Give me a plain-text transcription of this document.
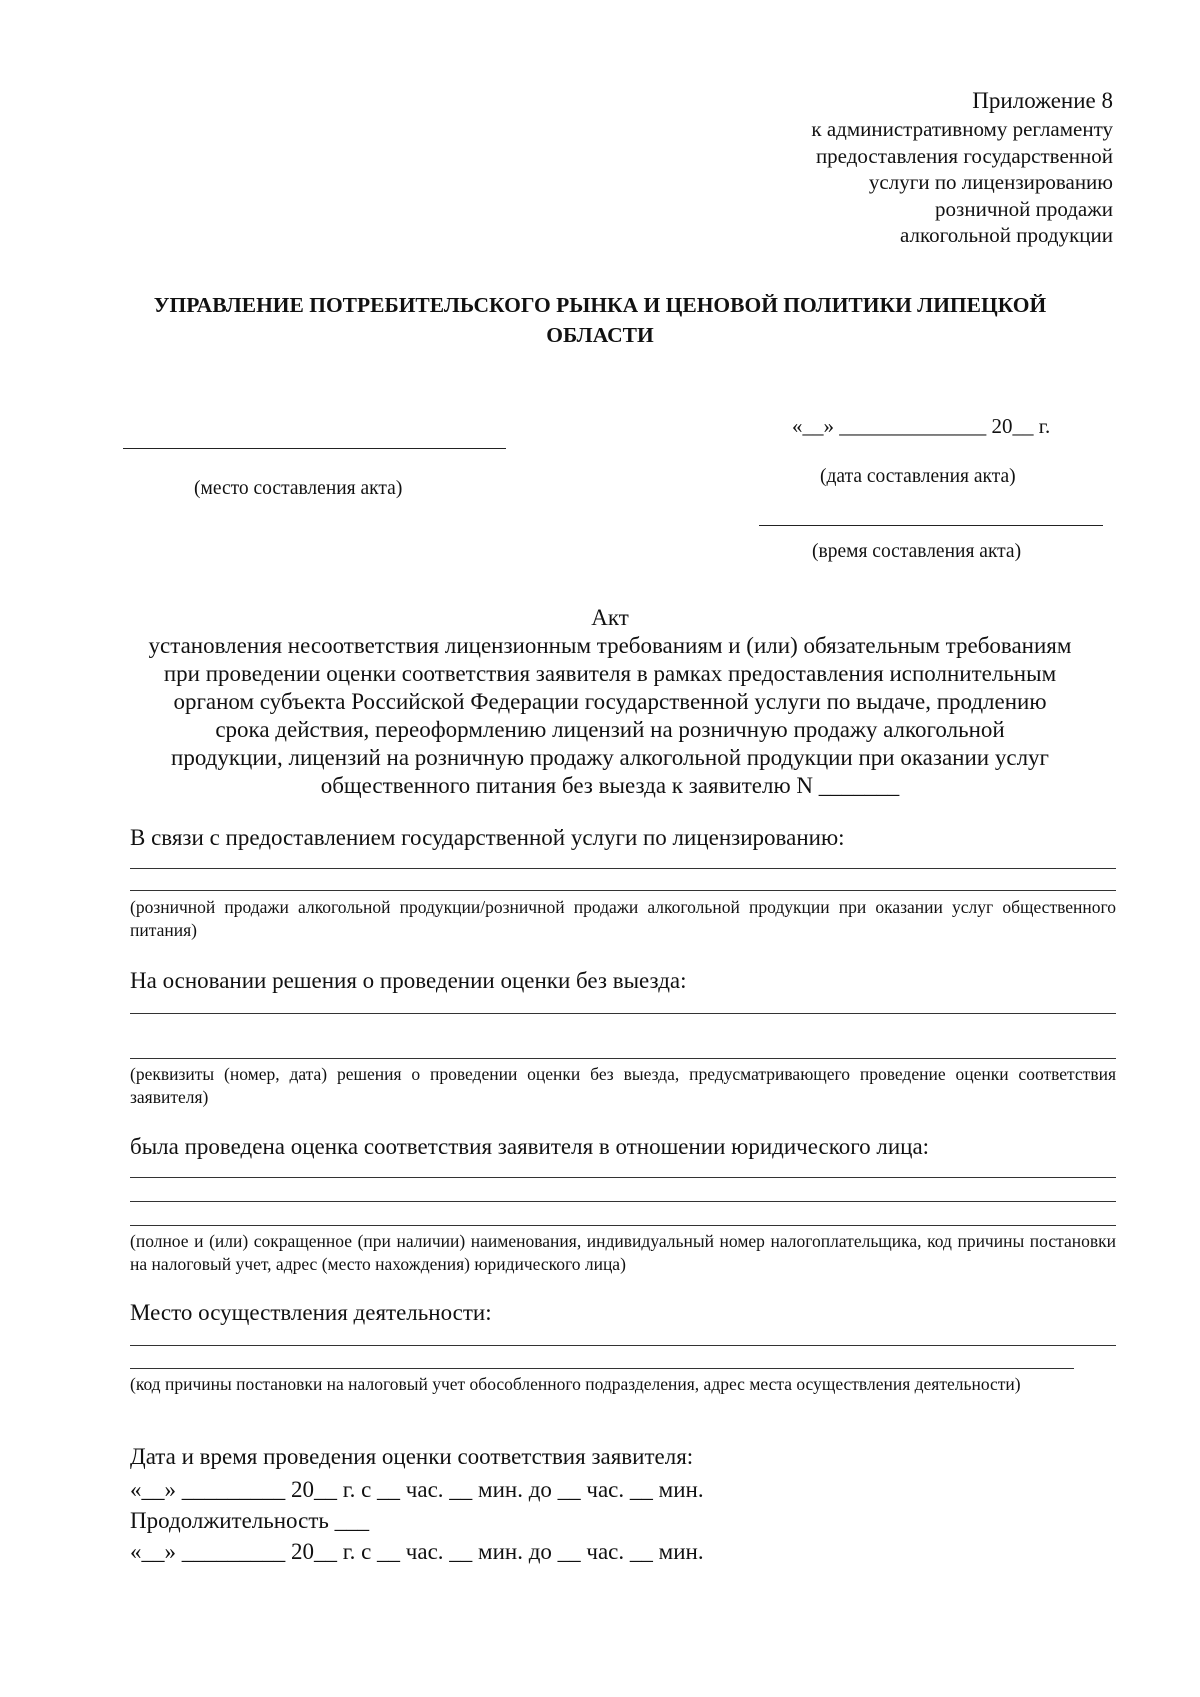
Приложение 8
к административному регламенту
предоставления государственной
услуги по лицензированию
розничной продажи
алкогольной продукции
УПРАВЛЕНИЕ ПОТРЕБИТЕЛЬСКОГО РЫНКА И ЦЕНОВОЙ ПОЛИТИКИ ЛИПЕЦКОЙ ОБЛАСТИ
(место составления акта)
«__» ______________ 20__ г.
(дата составления акта)
(время составления акта)
Акт
установления несоответствия лицензионным требованиям и (или) обязательным требованиям
при проведении оценки соответствия заявителя в рамках предоставления исполнительным
органом субъекта Российской Федерации государственной услуги по выдаче, продлению
срока действия, переоформлению лицензий на розничную продажу алкогольной
продукции, лицензий на розничную продажу алкогольной продукции при оказании услуг
общественного питания без выезда к заявителю N _______
В связи с предоставлением государственной услуги по лицензированию:
(розничной продажи алкогольной продукции/розничной продажи алкогольной продукции при оказании услуг общественного питания)
На основании решения о проведении оценки без выезда:
(реквизиты (номер, дата) решения о проведении оценки без выезда, предусматривающего проведение оценки соответствия заявителя)
была проведена оценка соответствия заявителя в отношении юридического лица:
(полное и (или) сокращенное (при наличии) наименования, индивидуальный номер налогоплательщика, код причины постановки на налоговый учет, адрес (место нахождения) юридического лица)
Место осуществления деятельности:
(код причины постановки на налоговый учет обособленного подразделения, адрес места осуществления деятельности)
Дата и время проведения оценки соответствия заявителя:
«__» _________ 20__ г. с __ час. __ мин. до __ час. __ мин.
Продолжительность ___
«__» _________ 20__ г. с __ час. __ мин. до __ час. __ мин.
